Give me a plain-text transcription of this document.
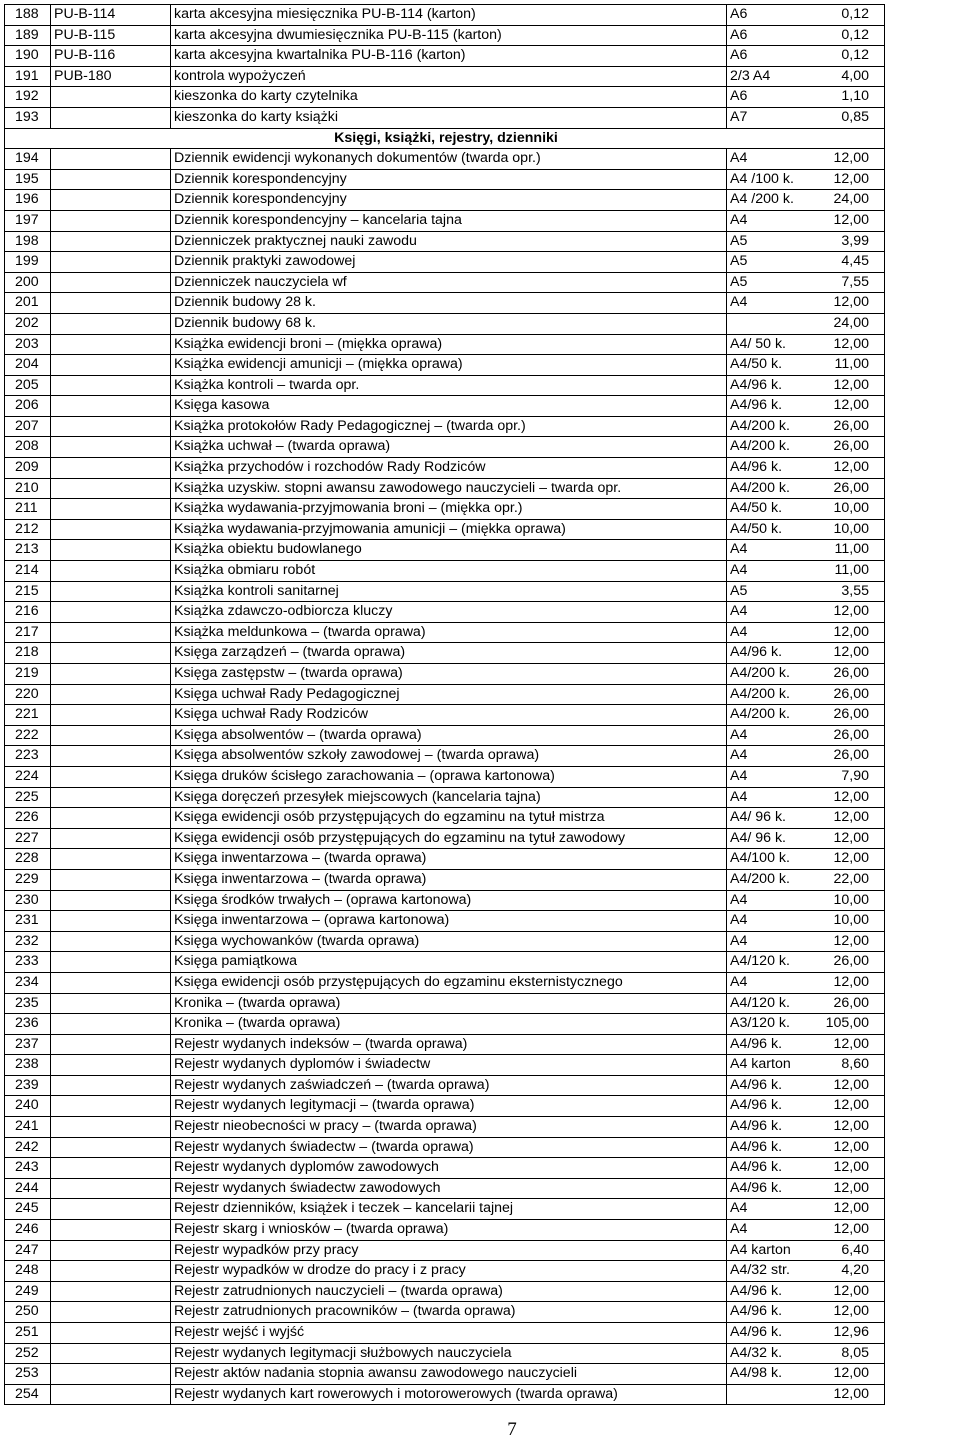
188	PU-B-114	karta akcesyjna miesięcznika PU-B-114 (karton)	A6	0,12
189	PU-B-115	karta akcesyjna dwumiesięcznika PU-B-115 (karton)	A6	0,12
190	PU-B-116	karta akcesyjna kwartalnika PU-B-116 (karton)	A6	0,12
191	PUB-180	kontrola wypożyczeń	2/3 A4	4,00
192		kieszonka do karty czytelnika	A6	1,10
193		kieszonka do karty książki	A7	0,85
Księgi, książki, rejestry, dzienniki				
194		Dziennik ewidencji wykonanych dokumentów (twarda opr.)	A4	12,00
195		Dziennik korespondencyjny	A4 /100 k.	12,00
196		Dziennik korespondencyjny	A4 /200 k.	24,00
197		Dziennik korespondencyjny – kancelaria tajna	A4	12,00
198		Dzienniczek praktycznej nauki zawodu	A5	3,99
199		Dziennik praktyki zawodowej	A5	4,45
200		Dzienniczek nauczyciela wf	A5	7,55
201		Dziennik budowy 28 k.	A4	12,00
202		Dziennik budowy 68 k.		24,00
203		Książka ewidencji broni – (miękka oprawa)	A4/ 50 k.	12,00
204		Książka ewidencji amunicji – (miękka oprawa)	A4/50 k.	11,00
205		Książka kontroli – twarda opr.	A4/96 k.	12,00
206		Księga kasowa	A4/96 k.	12,00
207		Książka protokołów Rady Pedagogicznej – (twarda opr.)	A4/200 k.	26,00
208		Książka uchwał – (twarda oprawa)	A4/200 k.	26,00
209		Książka przychodów i rozchodów Rady Rodziców	A4/96 k.	12,00
210		Książka uzyskiw. stopni awansu zawodowego nauczycieli – twarda opr.	A4/200 k.	26,00
211		Książka wydawania-przyjmowania broni – (miękka opr.)	A4/50 k.	10,00
212		Książka wydawania-przyjmowania amunicji – (miękka oprawa)	A4/50 k.	10,00
213		Książka obiektu budowlanego	A4	11,00
214		Książka obmiaru robót	A4	11,00
215		Książka kontroli sanitarnej	A5	3,55
216		Książka zdawczo-odbiorcza kluczy	A4	12,00
217		Książka meldunkowa – (twarda oprawa)	A4	12,00
218		Księga zarządzeń – (twarda oprawa)	A4/96 k.	12,00
219		Księga zastępstw – (twarda oprawa)	A4/200 k.	26,00
220		Księga uchwał Rady Pedagogicznej	A4/200 k.	26,00
221		Księga uchwał Rady Rodziców	A4/200 k.	26,00
222		Księga absolwentów – (twarda oprawa)	A4	26,00
223		Księga absolwentów szkoły zawodowej – (twarda oprawa)	A4	26,00
224		Księga druków ścisłego zarachowania – (oprawa kartonowa)	A4	7,90
225		Księga doręczeń przesyłek miejscowych (kancelaria tajna)	A4	12,00
226		Księga ewidencji osób przystępujących do egzaminu na tytuł mistrza	A4/ 96 k.	12,00
227		Księga ewidencji osób przystępujących do egzaminu na tytuł zawodowy	A4/ 96 k.	12,00
228		Księga inwentarzowa – (twarda oprawa)	A4/100 k.	12,00
229		Księga inwentarzowa – (twarda oprawa)	A4/200 k.	22,00
230		Księga środków trwałych – (oprawa kartonowa)	A4	10,00
231		Księga inwentarzowa – (oprawa kartonowa)	A4	10,00
232		Księga wychowanków (twarda oprawa)	A4	12,00
233		Księga pamiątkowa	A4/120 k.	26,00
234		Księga ewidencji osób przystępujących do egzaminu eksternistycznego	A4	12,00
235		Kronika – (twarda oprawa)	A4/120 k.	26,00
236		Kronika – (twarda oprawa)	A3/120 k.	105,00
237		Rejestr wydanych indeksów – (twarda oprawa)	A4/96 k.	12,00
238		Rejestr wydanych dyplomów i świadectw	A4 karton	8,60
239		Rejestr wydanych zaświadczeń – (twarda oprawa)	A4/96 k.	12,00
240		Rejestr wydanych legitymacji – (twarda oprawa)	A4/96 k.	12,00
241		Rejestr nieobecności w pracy – (twarda oprawa)	A4/96 k.	12,00
242		Rejestr wydanych świadectw – (twarda oprawa)	A4/96 k.	12,00
243		Rejestr wydanych dyplomów zawodowych	A4/96 k.	12,00
244		Rejestr wydanych świadectw zawodowych	A4/96 k.	12,00
245		Rejestr dzienników, książek i teczek – kancelarii tajnej	A4	12,00
246		Rejestr skarg i wniosków – (twarda oprawa)	A4	12,00
247		Rejestr wypadków przy pracy	A4 karton	6,40
248		Rejestr wypadków w drodze do pracy i z pracy	A4/32 str.	4,20
249		Rejestr zatrudnionych nauczycieli – (twarda oprawa)	A4/96 k.	12,00
250		Rejestr zatrudnionych pracowników – (twarda oprawa)	A4/96 k.	12,00
251		Rejestr wejść i wyjść	A4/96 k.	12,96
252		Rejestr wydanych legitymacji służbowych nauczyciela	A4/32 k.	8,05
253		Rejestr aktów nadania stopnia awansu zawodowego nauczycieli	A4/98 k.	12,00
254		Rejestr wydanych kart rowerowych i motorowerowych (twarda oprawa)		12,00
7
